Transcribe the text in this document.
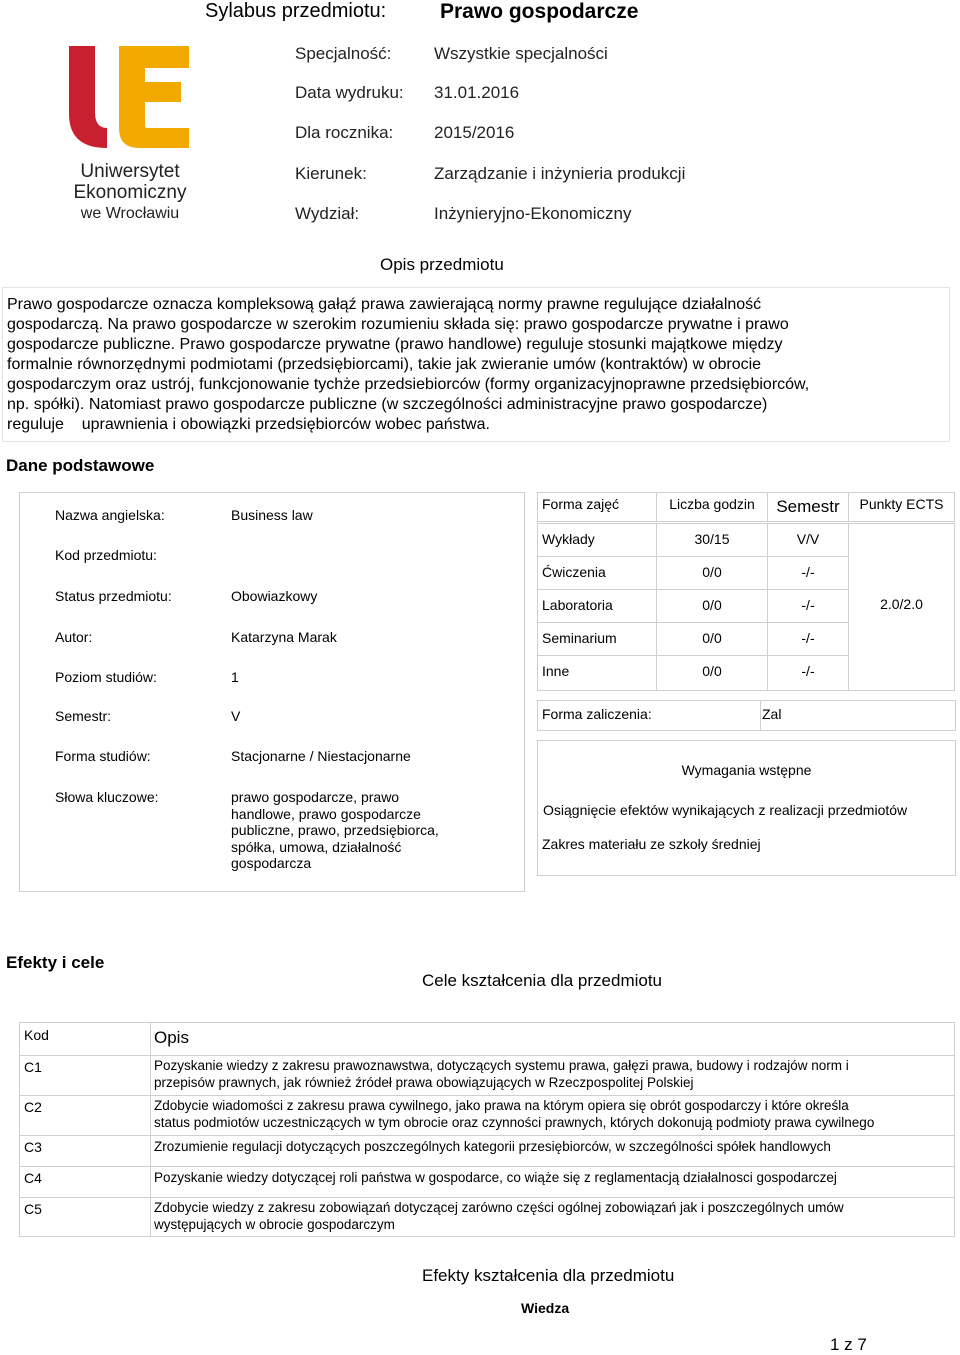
Sylabus przedmiotu:	Prawo gospodarcze
Specjalność:	Wszystkie specjalności
Data wydruku: 31.01.2016
Dla rocznika: 2015/2016
Kierunek:	Zarządzanie i inżynieria produkcji
Wydział:	Inżynieryjno-Ekonomiczny
Uniwersytet
Ekonomiczny
we Wrocławiu
Opis przedmiotu
Prawo gospodarcze oznacza kompleksową gałąź prawa zawierającą normy prawne regulujące działalność
gospodarczą. Na prawo gospodarcze w szerokim rozumieniu składa się: prawo gospodarcze prywatne i prawo
gospodarcze publiczne. Prawo gospodarcze prywatne (prawo handlowe) reguluje stosunki majątkowe między
formalnie równorzędnymi podmiotami (przedsiębiorcami), takie jak zwieranie umów (kontraktów) w obrocie
gospodarczym oraz ustrój, funkcjonowanie tychże przedsiebiorców (formy organizacyjnoprawne przedsiębiorców,
np. spółki). Natomiast prawo gospodarcze publiczne (w szczególności administracyjne prawo gospodarcze)
reguluje    uprawnienia i obowiązki przedsiębiorców wobec państwa.
Dane podstawowe
Nazwa angielska:	Business law
Kod przedmiotu:
Status przedmiotu:	Obowiazkowy
Autor:	Katarzyna Marak
Poziom studiów:	1
Semestr:	V
Forma studiów:	Stacjonarne / Niestacjonarne
Słowa kluczowe:	prawo gospodarcze, prawo
handlowe, prawo gospodarcze
publiczne, prawo, przedsiębiorca,
spółka, umowa, działalność
gospodarcza
Forma zajęć	Liczba godzin	Semestr	Punkty ECTS
Wykłady	30/15	V/V
Ćwiczenia	0/0	-/-
Laboratoria	0/0	-/-
Seminarium	0/0	-/-
Inne	0/0	-/-
2.0/2.0
Forma zaliczenia:	Zal
Wymagania wstępne
Osiągnięcie efektów wynikających z realizacji przedmiotów
Zakres materiału ze szkoły średniej
Efekty i cele
Cele kształcenia dla przedmiotu
Kod	Opis
C1	Pozyskanie wiedzy z zakresu prawoznawstwa, dotyczących systemu prawa, gałęzi prawa, budowy i rodzajów norm i
przepisów prawnych, jak również źródeł prawa obowiązujących w Rzeczpospolitej Polskiej
C2	Zdobycie wiadomości z zakresu prawa cywilnego, jako prawa na którym opiera się obrót gospodarczy i które określa
status podmiotów uczestniczących w tym obrocie oraz czynności prawnych, których dokonują podmioty prawa cywilnego
C3	Zrozumienie regulacji dotyczących poszczególnych kategorii przesiębiorców, w szczególności spółek handlowych
C4	Pozyskanie wiedzy dotyczącej roli państwa w gospodarce, co wiąże się z reglamentacją działalnosci gospodarczej
C5	Zdobycie wiedzy z zakresu zobowiązań dotyczącej zarówno części ogólnej zobowiązań jak i poszczególnych umów
występujących w obrocie gospodarczym
Efekty kształcenia dla przedmiotu
Wiedza
1 z 7
